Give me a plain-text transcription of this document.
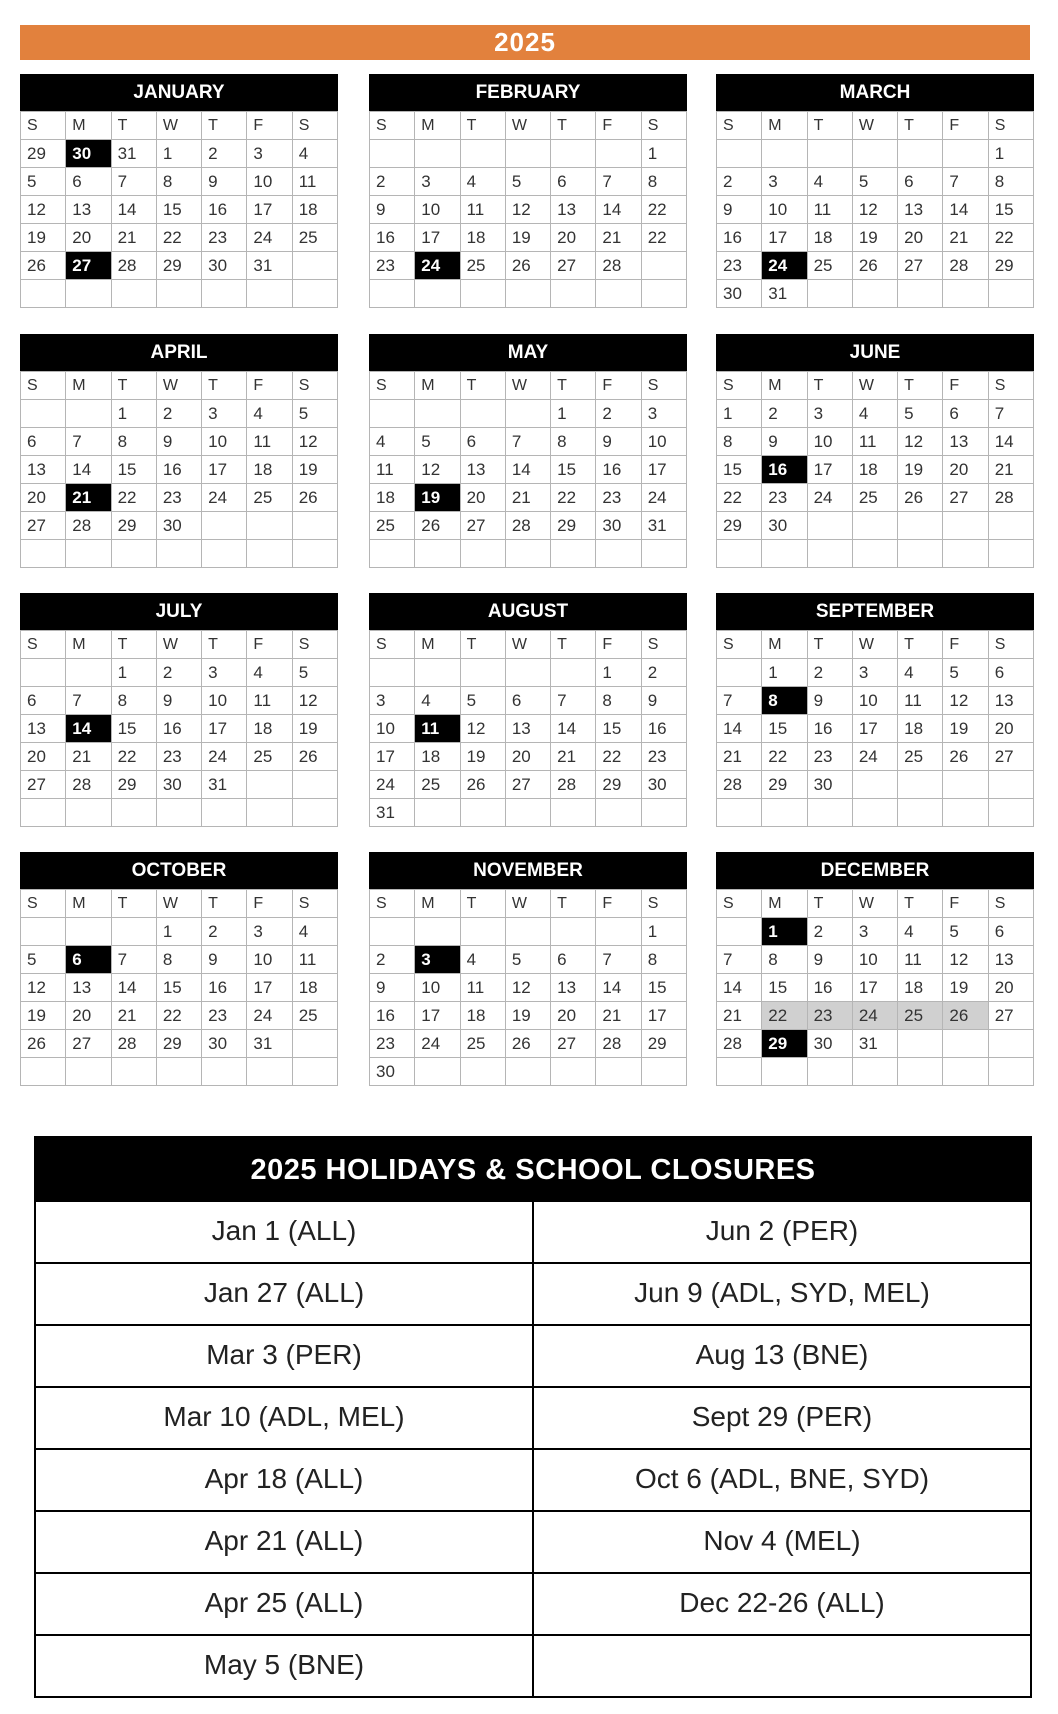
2025
JANUARY
S	M	T	W	T	F	S
29	30	31	1	2	3	4
5	6	7	8	9	10	11
12	13	14	15	16	17	18
19	20	21	22	23	24	25
26	27	28	29	30	31	

FEBRUARY
S	M	T	W	T	F	S
						1
2	3	4	5	6	7	8
9	10	11	12	13	14	22
16	17	18	19	20	21	22
23	24	25	26	27	28	

MARCH
S	M	T	W	T	F	S
						1
2	3	4	5	6	7	8
9	10	11	12	13	14	15
16	17	18	19	20	21	22
23	24	25	26	27	28	29
30	31					
APRIL
S	M	T	W	T	F	S
		1	2	3	4	5
6	7	8	9	10	11	12
13	14	15	16	17	18	19
20	21	22	23	24	25	26
27	28	29	30			

MAY
S	M	T	W	T	F	S
				1	2	3
4	5	6	7	8	9	10
11	12	13	14	15	16	17
18	19	20	21	22	23	24
25	26	27	28	29	30	31

JUNE
S	M	T	W	T	F	S
1	2	3	4	5	6	7
8	9	10	11	12	13	14
15	16	17	18	19	20	21
22	23	24	25	26	27	28
29	30					

JULY
S	M	T	W	T	F	S
		1	2	3	4	5
6	7	8	9	10	11	12
13	14	15	16	17	18	19
20	21	22	23	24	25	26
27	28	29	30	31		

AUGUST
S	M	T	W	T	F	S
					1	2
3	4	5	6	7	8	9
10	11	12	13	14	15	16
17	18	19	20	21	22	23
24	25	26	27	28	29	30
31						
SEPTEMBER
S	M	T	W	T	F	S
	1	2	3	4	5	6
7	8	9	10	11	12	13
14	15	16	17	18	19	20
21	22	23	24	25	26	27
28	29	30				

OCTOBER
S	M	T	W	T	F	S
			1	2	3	4
5	6	7	8	9	10	11
12	13	14	15	16	17	18
19	20	21	22	23	24	25
26	27	28	29	30	31	

NOVEMBER
S	M	T	W	T	F	S
						1
2	3	4	5	6	7	8
9	10	11	12	13	14	15
16	17	18	19	20	21	17
23	24	25	26	27	28	29
30						
DECEMBER
S	M	T	W	T	F	S
	1	2	3	4	5	6
7	8	9	10	11	12	13
14	15	16	17	18	19	20
21	22	23	24	25	26	27
28	29	30	31			

2025 HOLIDAYS & SCHOOL CLOSURES
Jan 1 (ALL)	Jun 2 (PER)
Jan 27 (ALL)	Jun 9 (ADL, SYD, MEL)
Mar 3 (PER)	Aug 13 (BNE)
Mar 10 (ADL, MEL)	Sept 29 (PER)
Apr 18 (ALL)	Oct 6 (ADL, BNE, SYD)
Apr 21 (ALL)	Nov 4 (MEL)
Apr 25 (ALL)	Dec 22-26 (ALL)
May 5 (BNE)
